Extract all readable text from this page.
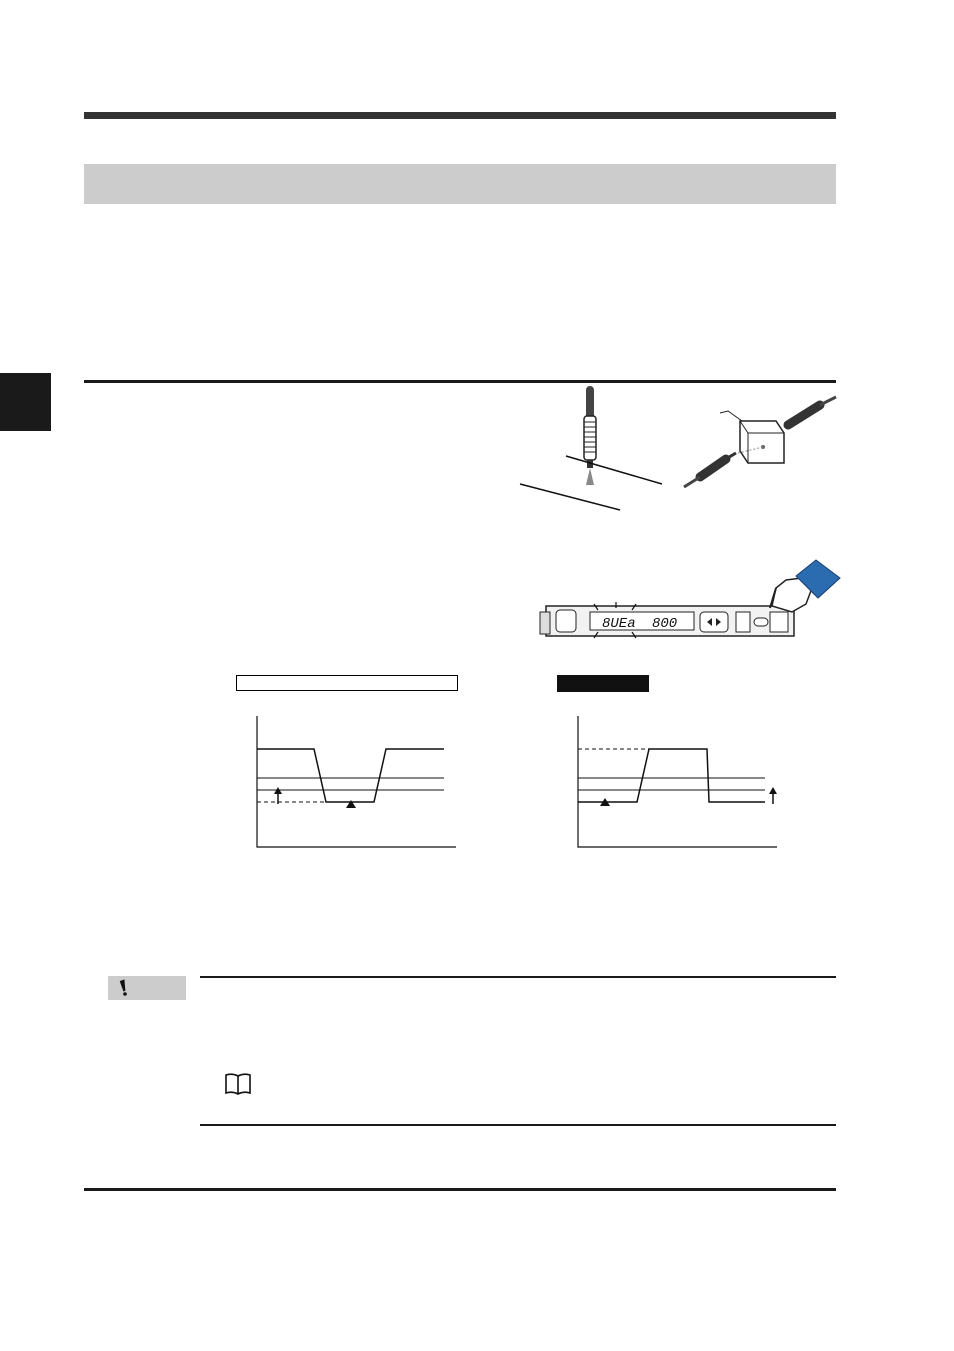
8UEa 800
